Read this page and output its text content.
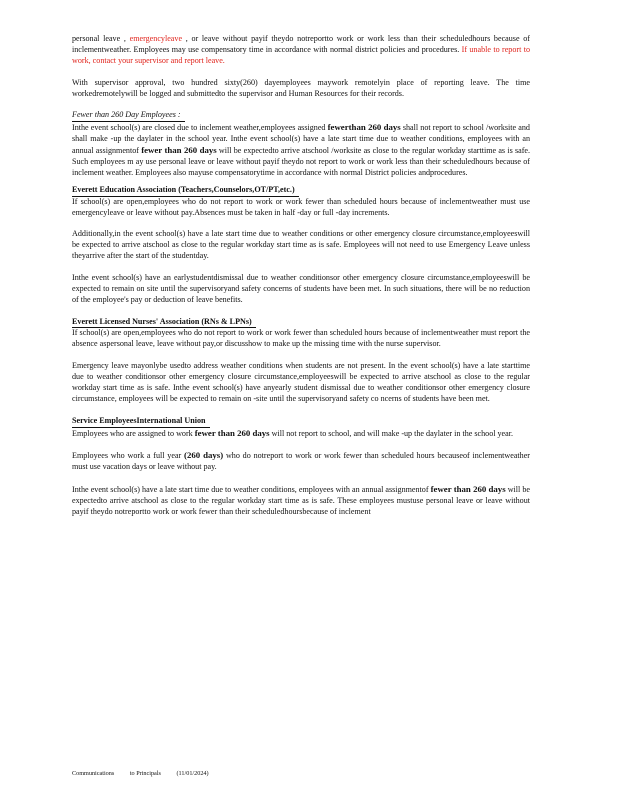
personal leave , emergencyleave , or leave without payif theydo notreportto work or work less than their scheduledhours because of inclementweather. Employees may use compensatory time in accordance with normal district policies and procedures. If unable to report to work, contact your supervisor and report leave.

With supervisor approval, two hundred sixty(260) dayemployees maywork remotelyin place of reporting leave. The time workedremotelywill be logged and submittedto the supervisor and Human Resources for their records.

Fewer than 260 Day Employees :

Inthe event school(s) are closed due to inclement weather,employees assigned fewerthan 260 days shall not report to school /worksite and shall make -up the daylater in the school year. Inthe event school(s) have a late start time due to weather conditions, employees with an annual assignmentof fewer than 260 days will be expectedto arrive atschool /worksite as close to the regular workday starttime as is safe. Such employees m ay use personal leave or leave without payif theydo not report to work or work less than their scheduledhours because of inclement weather. Employees also mayuse compensatorytime in accordance with normal District policies andprocedures.

Everett Education Association (Teachers,Counselors,OT/PT,etc.)

If school(s) are open,employees who do not report to work or work fewer than scheduled hours because of inclementweather must use emergencyleave or leave without pay.Absences must be taken in half -day or full -day increments.

Additionally,in the event school(s) have a late start time due to weather conditions or other emergency closure circumstance,employeeswill be expected to arrive atschool as close to the regular workday start time as is safe. Employees will not need to use Emergency Leave unless theyarrive after the start of the studentday.

Inthe event school(s) have an earlystudentdismissal due to weather conditionsor other emergency closure circumstance,employeeswill be expected to remain on site until the supervisoryand safety concerns of students have been met. In such situations, there will be no reduction of the employee's pay or deduction of leave benefits.

Everett Licensed Nurses' Association (RNs & LPNs)

If school(s) are open,employees who do not report to work or work fewer than scheduled hours because of inclementweather must report the absence aspersonal leave, leave without pay,or discusshow to make up the missing time with the nurse supervisor.

Emergency leave mayonlybe usedto address weather conditions when students are not present. In the event school(s) have a late starttime due to weather conditionsor other emergency closure circumstance,employeeswill be expected to arrive atschool as close to the regular workday start time as is safe. Inthe event school(s) have anyearly student dismissal due to weather conditionsor other emergency closure circumstance, employees will be expected to remain on -site until the supervisoryand safety co ncerns of students have been met.

Service EmployeesInternational Union

Employees who are assigned to work fewer than 260 days will not report to school, and will make -up the daylater in the school year.

Employees who work a full year (260 days) who do notreport to work or work fewer than scheduled hours becauseof inclementweather must use vacation days or leave without pay.

Inthe event school(s) have a late start time due to weather conditions, employees with an annual assignmentof fewer than 260 days will be expectedto arrive atschool as close to the regular workday start time as is safe. These employees mustuse personal leave or leave without payif theydo notreportto work or work fewer than their scheduledhoursbecause of inclement

Communications	to Principals	(11/01/2024)
